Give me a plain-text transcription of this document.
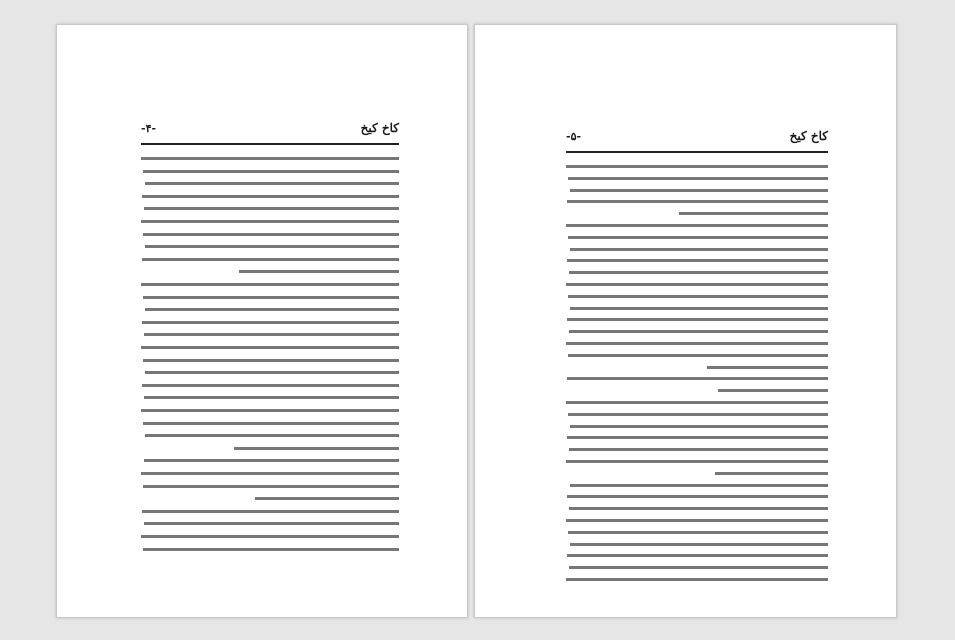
کاخ کیخ
-۴-
کاخ کیخ
-۵-
